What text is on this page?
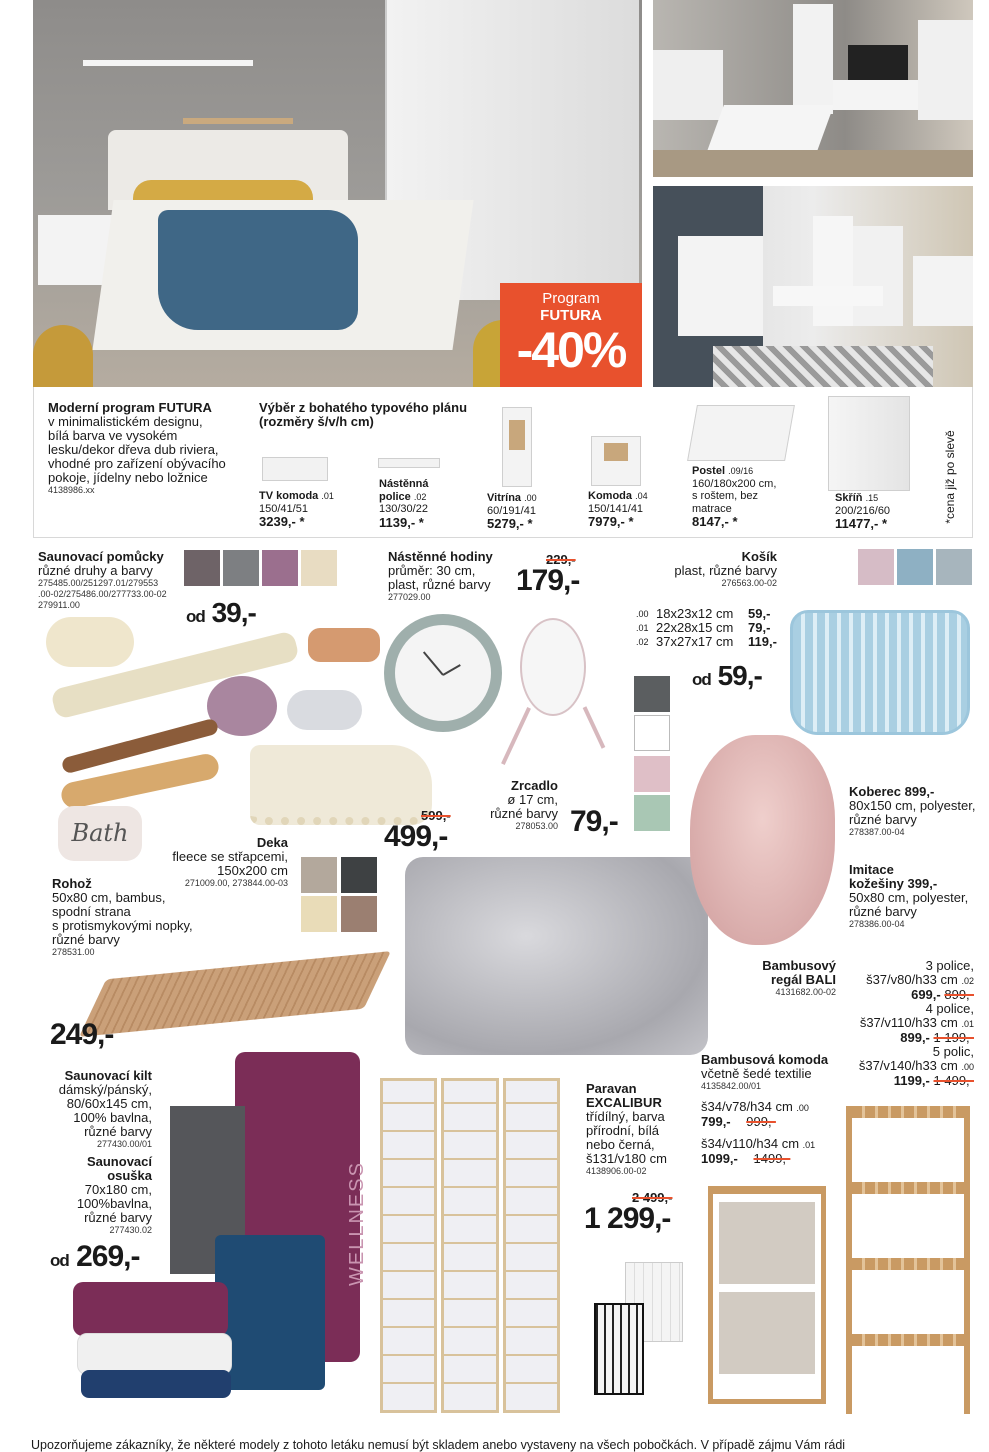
Program
FUTURA
-40%
Moderní program FUTURA
v minimalistickém designu,
bílá barva ve vysokém
lesku/dekor dřeva dub riviera,
vhodné pro zařízení obývacího
pokoje, jídelny nebo ložnice
4138986.xx
Výběr z bohatého typového plánu
(rozměry š/v/h cm)
TV komoda .01
150/41/51
3239,- *
Nástěnná
police .02
130/30/22
1139,- *
Vitrína .00
60/191/41
5279,- *
Komoda .04
150/141/41
7979,- *
Postel .09/16
160/180x200 cm,
s roštem, bez
matrace
8147,- *
Skříň .15
200/216/60
11477,- *	*cena již po slevě
Saunovací pomůcky
různé druhy a barvy
275485.00/251297.01/279553
.00-02/275486.00/277733.00-02
279911.00
od 39,-
Nástěnné hodiny
průměr: 30 cm,
plast, různé barvy
277029.00
229,-
179,-
Košík
plast, různé barvy
276563.00-02
.00 18x23x12 cm	59,-
.01 22x28x15 cm	79,-
.02 37x27x17 cm	119,-
od 59,-
Zrcadlo
ø 17 cm,
různé barvy
278053.00 79,-
599,-
499,-
Deka
fleece se střapcemi,
150x200 cm
271009.00, 273844.00-03
Bath
Rohož
50x80 cm, bambus,
spodní strana
s protismykovými nopky,
různé barvy
278531.00
249,-
Koberec 899,-
80x150 cm, polyester,
různé barvy
278387.00-04
Imitace
kožešiny 399,-
50x80 cm, polyester,
různé barvy
278386.00-04
Bambusový
regál BALI
4131682.00-02
3 police,
š37/v80/h33 cm .02
699,- 899,-
4 police,
š37/v110/h33 cm .01
899,- 1 199,-
5 polic,
š37/v140/h33 cm .00
1199,- 1 499,-
Saunovací kilt
dámský/pánský,
80/60x145 cm,
100% bavlna,
různé barvy
277430.00/01
Saunovací
osuška
70x180 cm,
100%bavlna,
různé barvy
277430.02
od 269,-	WELLNESS
Paravan
EXCALIBUR
třídílný, barva
přírodní, bílá
nebo černá,
š131/v180 cm
4138906.00-02
2 499,-
1 299,-
Bambusová komoda
včetně šedé textilie
4135842.00/01
š34/v78/h34 cm .00
799,- 999,-
š34/v110/h34 cm .01
1099,- 1499,-
Upozorňujeme zákazníky, že některé modely z tohoto letáku nemusí být skladem anebo vystaveny na všech pobočkách. V případě zájmu Vám rádi
